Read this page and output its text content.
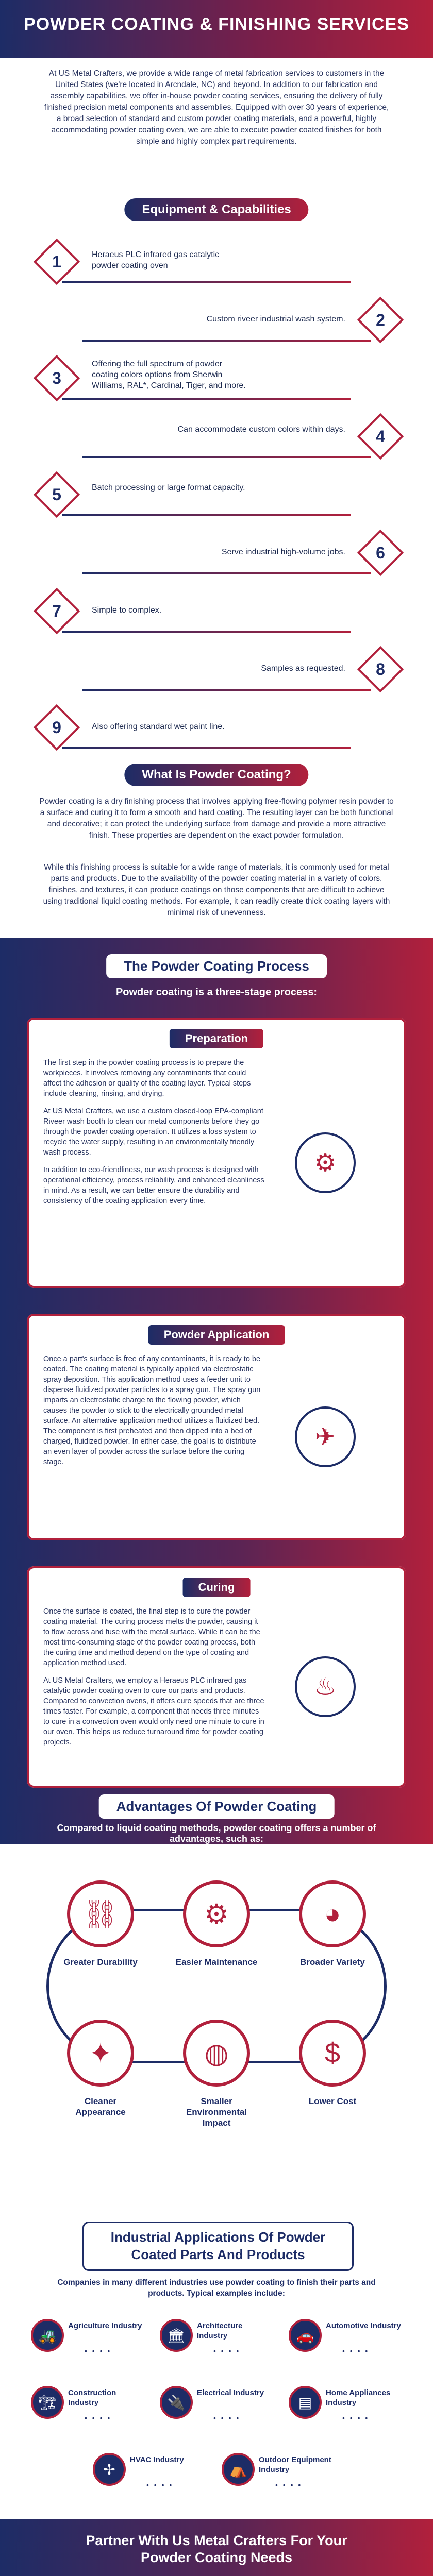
POWDER COATING & FINISHING SERVICES
At US Metal Crafters, we provide a wide range of metal fabrication services to customers in the United States (we're located in Arcndale, NC) and beyond. In addition to our fabrication and assembly capabilities, we offer in-house powder coating services, ensuring the delivery of fully finished precision metal components and assemblies. Equipped with over 30 years of experience, a broad selection of standard and custom powder coating materials, and a powerful, highly accommodating powder coating oven, we are able to execute powder coated finishes for both simple and highly complex part requirements.
Equipment & Capabilities
1	Heraeus PLC infrared gas catalytic powder coating oven
2
Custom riveer industrial wash system.
3
Offering the full spectrum of powder coating colors options from Sherwin Williams, RAL*, Cardinal, Tiger, and more.
4
Can accommodate custom colors within days.
5	Batch processing or large format capacity.
6
Serve industrial high-volume jobs.
7	Simple to complex.
8
Samples as requested.
9	Also offering standard wet paint line.
What Is Powder Coating?
Powder coating is a dry finishing process that involves applying free-flowing polymer resin powder to a surface and curing it to form a smooth and hard coating. The resulting layer can be both functional and decorative; it can protect the underlying surface from damage and provide a more attractive finish. These properties are dependent on the exact powder formulation.
While this finishing process is suitable for a wide range of materials, it is commonly used for metal parts and products. Due to the availability of the powder coating material in a variety of colors, finishes, and textures, it can produce coatings on those components that are difficult to achieve using traditional liquid coating methods. For example, it can readily create thick coating layers with minimal risk of unevenness.
The Powder Coating Process
Powder coating is a three-stage process:
Preparation

The first step in the powder coating process is to prepare the workpieces. It involves removing any contaminants that could affect the adhesion or quality of the coating layer. Typical steps include cleaning, rinsing, and drying.

At US Metal Crafters, we use a custom closed-loop EPA-compliant Riveer wash booth to clean our metal components before they go through the powder coating operation. It utilizes a loss system to recycle the water supply, resulting in an environmentally friendly wash process.

In addition to eco-friendliness, our wash process is designed with operational efficiency, process reliability, and enhanced cleanliness in mind. As a result, we can better ensure the durability and consistency of the coating application every time.

⚙
Powder Application

Once a part's surface is free of any contaminants, it is ready to be coated. The coating material is typically applied via electrostatic spray deposition. This application method uses a feeder unit to dispense fluidized powder particles to a spray gun. The spray gun imparts an electrostatic charge to the flowing powder, which causes the powder to stick to the electrically grounded metal surface. An alternative application method utilizes a fluidized bed. The component is first preheated and then dipped into a bed of charged, fluidized powder. In either case, the goal is to distribute an even layer of powder across the surface before the curing stage.

✈
Curing

Once the surface is coated, the final step is to cure the powder coating material. The curing process melts the powder, causing it to flow across and fuse with the metal surface. While it can be the most time-consuming stage of the powder coating process, both the curing time and method depend on the type of coating and application method used.

At US Metal Crafters, we employ a Heraeus PLC infrared gas catalytic powder coating oven to cure our parts and products. Compared to convection ovens, it offers cure speeds that are three times faster. For example, a component that needs three minutes to cure in a convection oven would only need one minute to cure in our oven. This helps us reduce turnaround time for powder coating projects.

♨
Advantages Of Powder Coating
Compared to liquid coating methods, powder coating offers a number of advantages, such as:
⛓
Greater Durability
⚙
Easier Maintenance
◕
Broader Variety
✦
Cleaner Appearance
◍
Smaller Environmental Impact
$
Lower Cost
Industrial Applications Of Powder
Coated Parts And Products
Companies in many different industries use powder coating to finish their parts and products. Typical examples include:
🚜
Agriculture Industry
• • • •
🏛
Architecture Industry
• • • •
🚗
Automotive Industry
• • • •
🏗
Construction Industry
• • • •
🔌
Electrical Industry
• • • •
▤
Home Appliances Industry
• • • •
✢
HVAC Industry
• • • •
⛺
Outdoor Equipment Industry
• • • •
Partner With Us Metal Crafters For Your
Powder Coating Needs
